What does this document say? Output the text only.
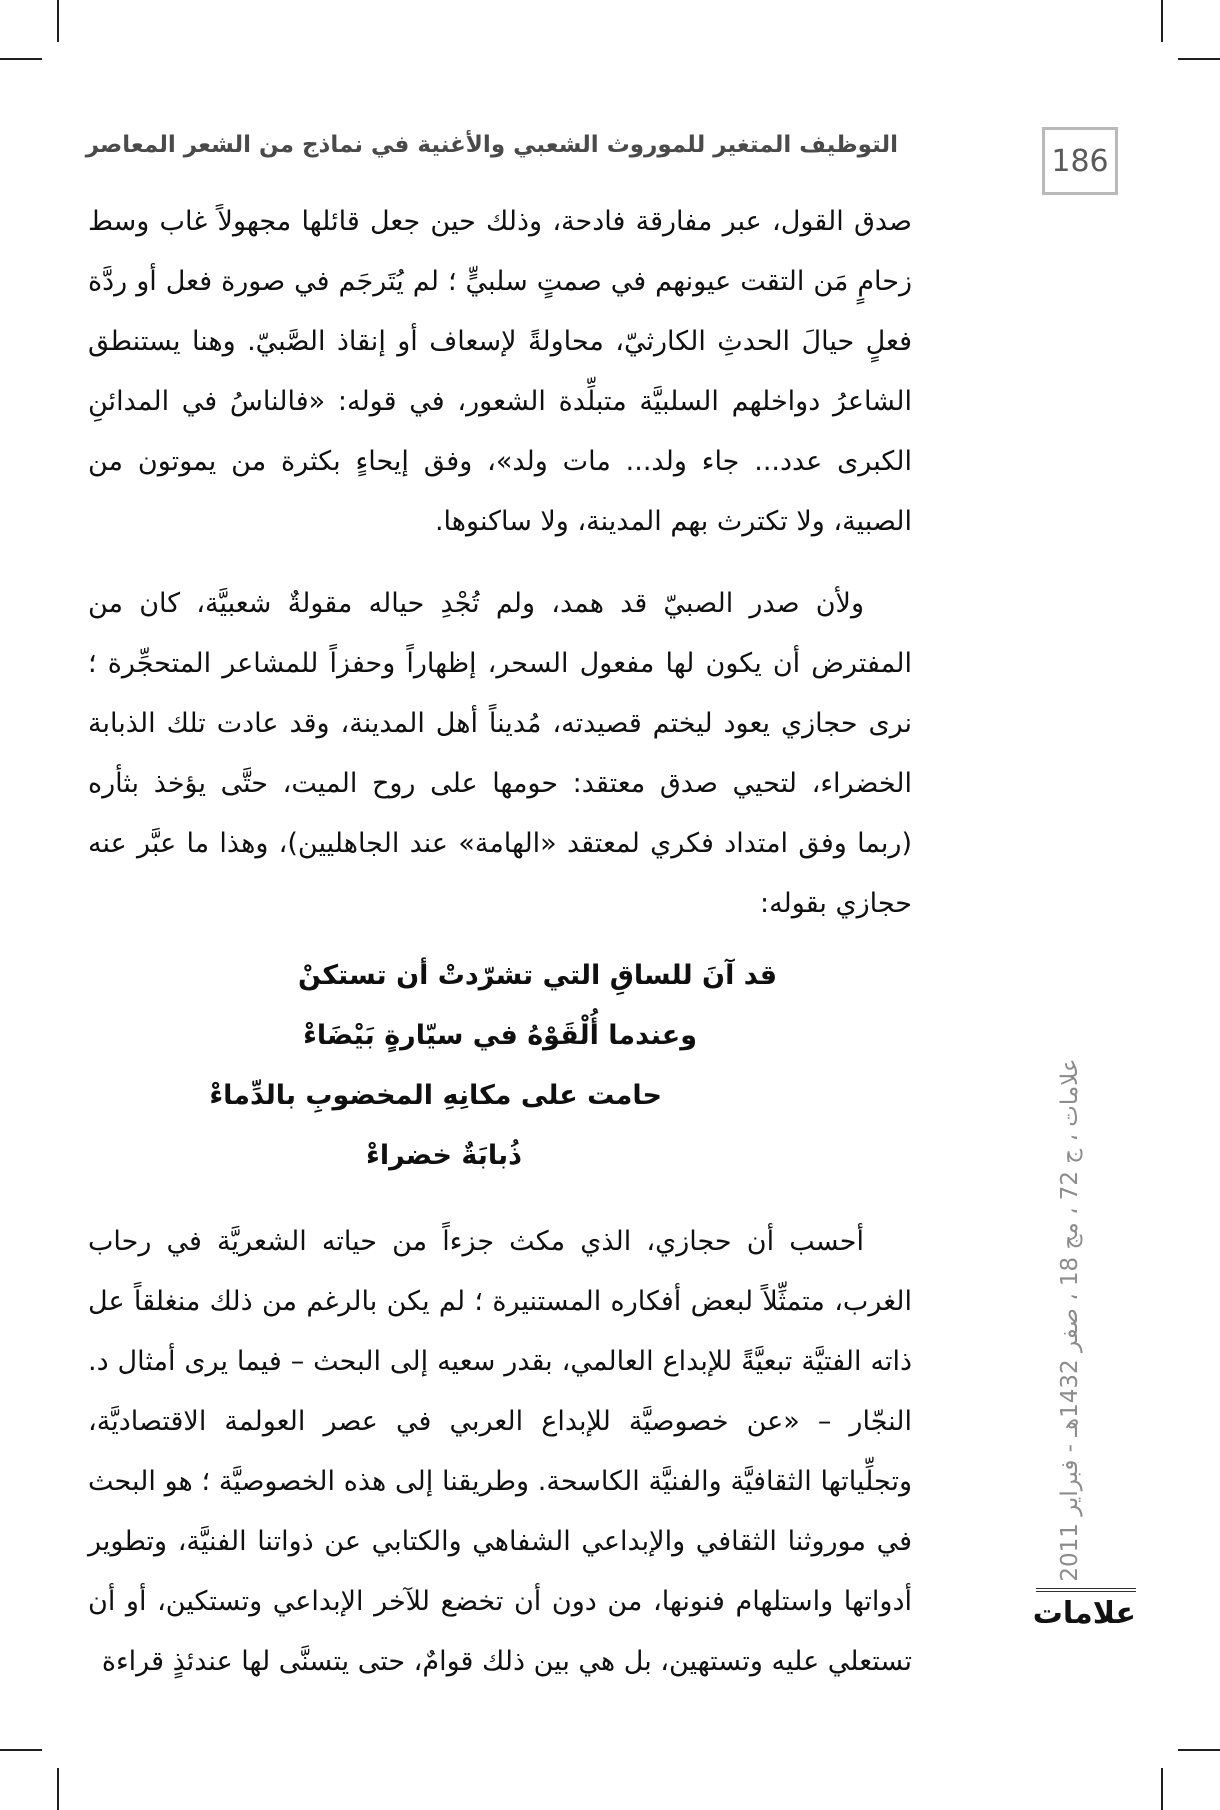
التوظيف المتغير للموروث الشعبي والأغنية في نماذج من الشعر المعاصر	186
صدق القول، عبر مفارقة فادحة، وذلك حين جعل قائلها مجهولاً غاب وسط زحامٍ مَن التقت عيونهم في صمتٍ سلبيٍّ ؛ لم يُتَرجَم في صورة فعل أو ردَّة فعلٍ حيالَ الحدثِ الكارثيّ، محاولةً لإسعاف أو إنقاذ الصَّبيّ. وهنا يستنطق الشاعرُ دواخلهم السلبيَّة متبلِّدة الشعور، في قوله: «فالناسُ في المدائنِ الكبرى عدد... جاء ولد... مات ولد»، وفق إيحاءٍ بكثرة من يموتون من الصبية، ولا تكترث بهم المدينة، ولا ساكنوها.
ولأن صدر الصبيّ قد همد، ولم تُجْدِ حياله مقولةٌ شعبيَّة، كان من المفترض أن يكون لها مفعول السحر، إظهاراً وحفزاً للمشاعر المتحجِّرة ؛ نرى حجازي يعود ليختم قصيدته، مُديناً أهل المدينة، وقد عادت تلك الذبابة الخضراء، لتحيي صدق معتقد: حومها على روح الميت، حتَّى يؤخذ بثأره (ربما وفق امتداد فكري لمعتقد «الهامة» عند الجاهليين)، وهذا ما عبَّر عنه حجازي بقوله:
قد آنَ للساقِ التي تشرّدتْ أن تستكنْ
وعندما أُلْقَوْهُ في سيّارةٍ بَيْضَاءْ
حامت على مكانِهِ المخضوبِ بالدِّماءْ
ذُبابَةٌ خضراءْ
أحسب أن حجازي، الذي مكث جزءاً من حياته الشعريَّة في رحاب الغرب، متمثِّلاً لبعض أفكاره المستنيرة ؛ لم يكن بالرغم من ذلك منغلقاً عل ذاته الفتيَّة تبعيَّةً للإبداع العالمي، بقدر سعيه إلى البحث – فيما يرى أمثال د. النجّار – «عن خصوصيَّة للإبداع العربي في عصر العولمة الاقتصاديَّة، وتجلِّياتها الثقافيَّة والفنيَّة الكاسحة. وطريقنا إلى هذه الخصوصيَّة ؛ هو البحث في موروثنا الثقافي والإبداعي الشفاهي والكتابي عن ذواتنا الفنيَّة، وتطوير أدواتها واستلهام فنونها، من دون أن تخضع للآخر الإبداعي وتستكين، أو أن تستعلي عليه وتستهين، بل هي بين ذلك قوامٌ، حتى يتسنَّى لها عندئذٍ قراءة
علامات ، ج 72 ، مج 18 ، صفر 1432هـ - فبراير 2011
علامات
